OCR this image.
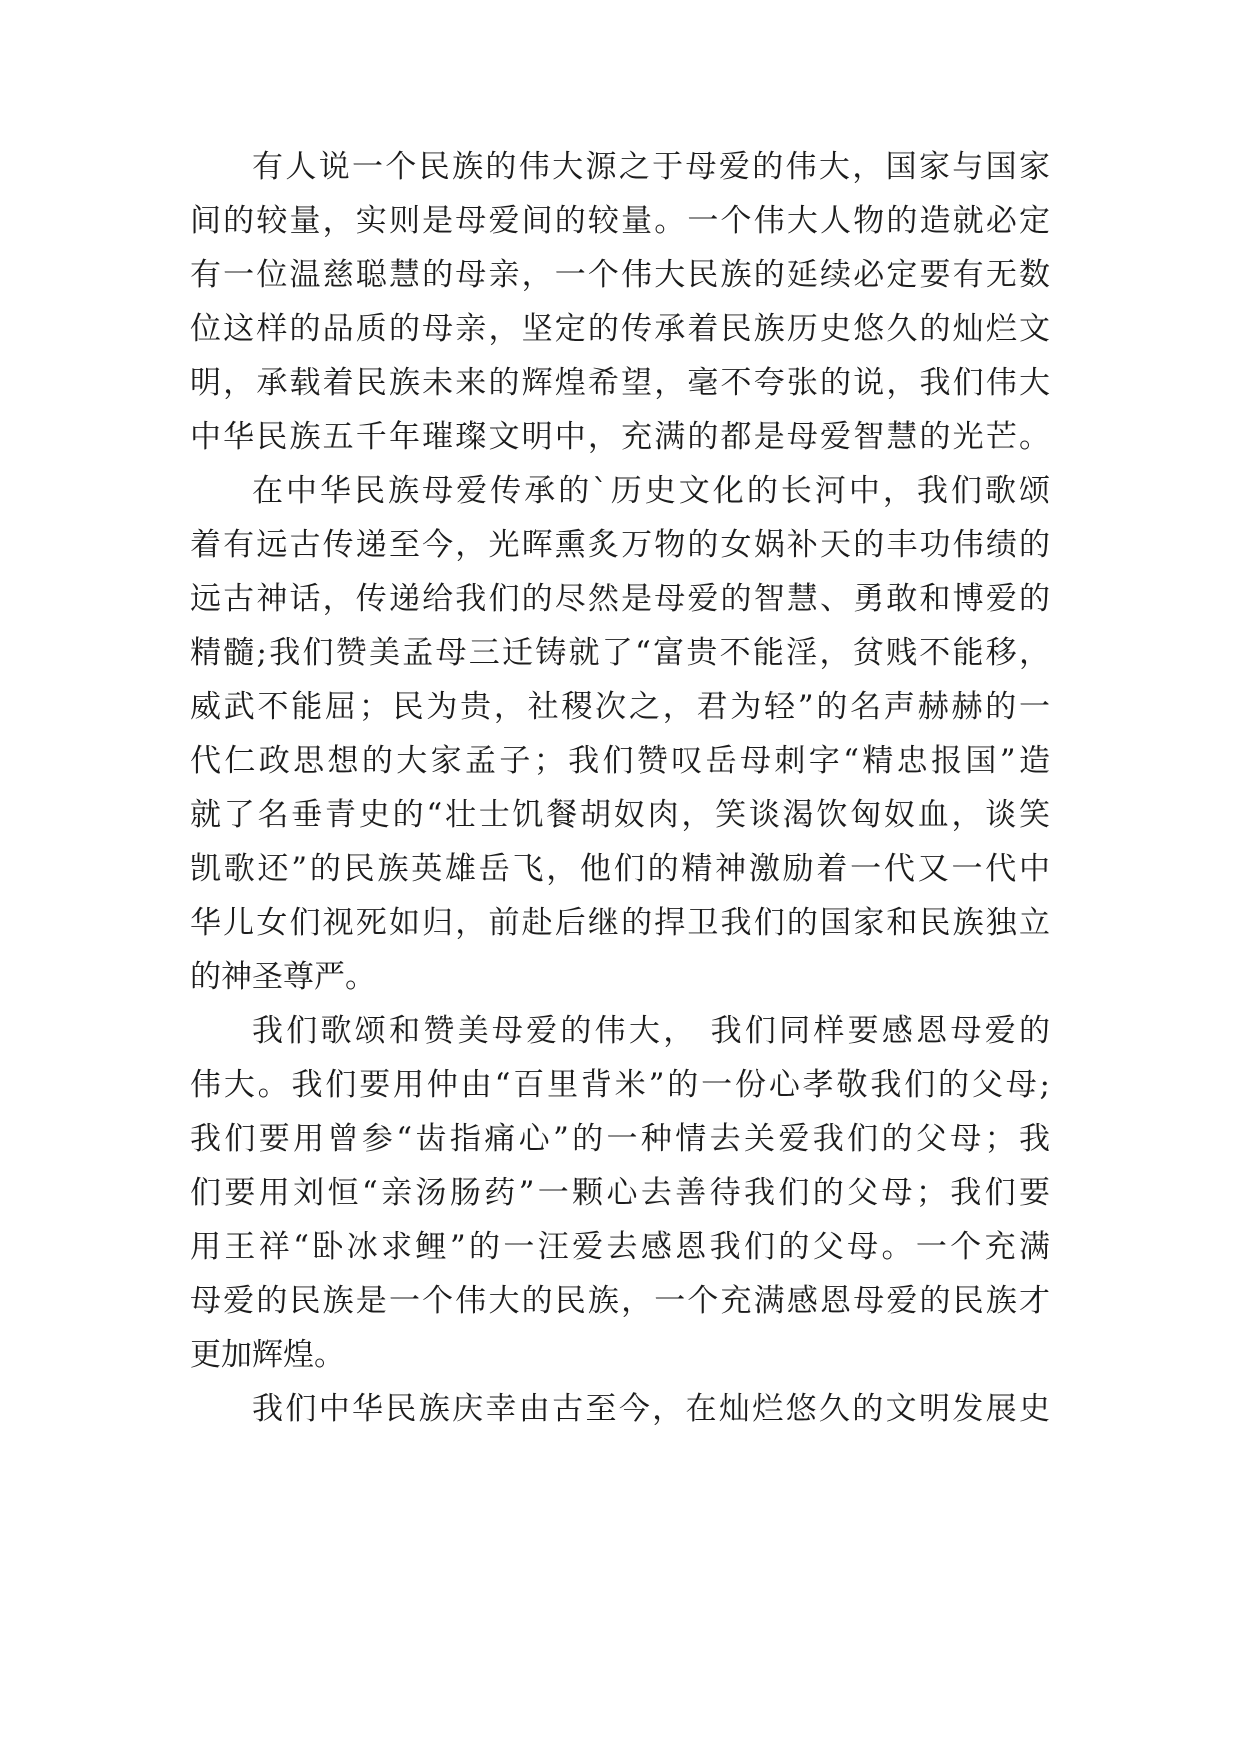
有人说一个民族的伟大源之于母爱的伟大，国家与国家
间的较量，实则是母爱间的较量。一个伟大人物的造就必定
有一位温慈聪慧的母亲，一个伟大民族的延续必定要有无数
位这样的品质的母亲，坚定的传承着民族历史悠久的灿烂文
明，承载着民族未来的辉煌希望，毫不夸张的说，我们伟大
中华民族五千年璀璨文明中，充满的都是母爱智慧的光芒。
在中华民族母爱传承的`历史文化的长河中，我们歌颂
着有远古传递至今，光晖熏炙万物的女娲补天的丰功伟绩的
远古神话，传递给我们的尽然是母爱的智慧、勇敢和博爱的
精髓;我们赞美孟母三迁铸就了“富贵不能淫，贫贱不能移，
威武不能屈；民为贵，社稷次之，君为轻”的名声赫赫的一
代仁政思想的大家孟子；我们赞叹岳母刺字“精忠报国”造
就了名垂青史的“壮士饥餐胡奴肉，笑谈渴饮匈奴血，谈笑
凯歌还”的民族英雄岳飞，他们的精神激励着一代又一代中
华儿女们视死如归，前赴后继的捍卫我们的国家和民族独立
的神圣尊严。
我们歌颂和赞美母爱的伟大， 我们同样要感恩母爱的
伟大。我们要用仲由“百里背米”的一份心孝敬我们的父母;
我们要用曾参“齿指痛心”的一种情去关爱我们的父母；我
们要用刘恒“亲汤肠药”一颗心去善待我们的父母；我们要
用王祥“卧冰求鲤”的一汪爱去感恩我们的父母。一个充满
母爱的民族是一个伟大的民族，一个充满感恩母爱的民族才
更加辉煌。
我们中华民族庆幸由古至今，在灿烂悠久的文明发展史
